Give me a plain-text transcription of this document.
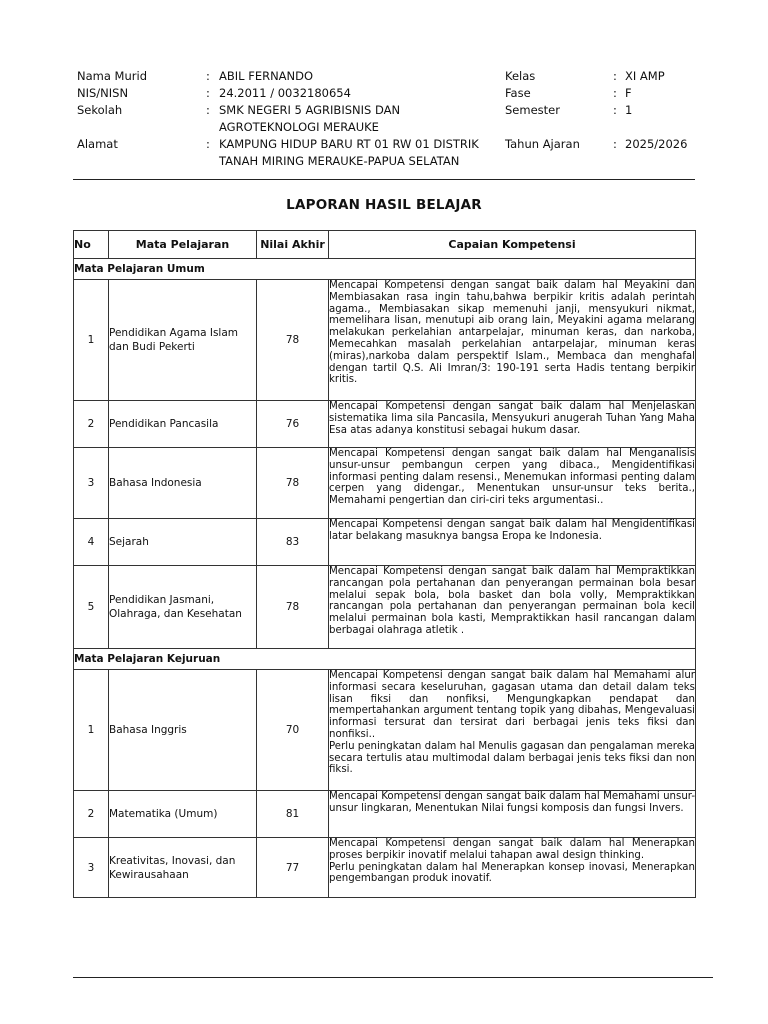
Nama Murid	: ABIL FERNANDO
NIS/NISN	: 24.2011 / 0032180654
Sekolah	: SMK NEGERI 5 AGRIBISNIS DAN
AGROTEKNOLOGI MERAUKE
Alamat	: KAMPUNG HIDUP BARU RT 01 RW 01 DISTRIK
TANAH MIRING MERAUKE-PAPUA SELATAN
Kelas	: XI AMP
Fase	: F
Semester	: 1
Tahun Ajaran	: 2025/2026
LAPORAN HASIL BELAJAR
No	Mata Pelajaran	Nilai Akhir	Capaian Kompetensi
Mata Pelajaran Umum			
1	Pendidikan Agama Islam dan Budi Pekerti	78	Mencapai Kompetensi dengan sangat baik dalam hal Meyakini dan Membiasakan rasa ingin tahu,bahwa berpikir kritis adalah perintah agama., Membiasakan sikap memenuhi janji, mensyukuri nikmat, memelihara lisan, menutupi aib orang lain, Meyakini agama melarang melakukan perkelahian antarpelajar, minuman keras, dan narkoba, Memecahkan masalah perkelahian antarpelajar, minuman keras (miras),narkoba dalam perspektif Islam., Membaca dan menghafal dengan tartil Q.S. Ali Imran/3: 190-191 serta Hadis tentang berpikir kritis.
2	Pendidikan Pancasila	76	Mencapai Kompetensi dengan sangat baik dalam hal Menjelaskan sistematika lima sila Pancasila, Mensyukuri anugerah Tuhan Yang Maha Esa atas adanya konstitusi sebagai hukum dasar.
3	Bahasa Indonesia	78	Mencapai Kompetensi dengan sangat baik dalam hal Menganalisis unsur-unsur pembangun cerpen yang dibaca., Mengidentifikasi informasi penting dalam resensi., Menemukan informasi penting dalam cerpen yang didengar., Menentukan unsur-unsur teks berita., Memahami pengertian dan ciri-ciri teks argumentasi..
4	Sejarah	83	Mencapai Kompetensi dengan sangat baik dalam hal Mengidentifikasi latar belakang masuknya bangsa Eropa ke Indonesia.
5	Pendidikan Jasmani, Olahraga, dan Kesehatan	78	Mencapai Kompetensi dengan sangat baik dalam hal Mempraktikkan rancangan pola pertahanan dan penyerangan permainan bola besar melalui sepak bola, bola basket dan bola volly, Mempraktikkan rancangan pola pertahanan dan penyerangan permainan bola kecil melalui permainan bola kasti, Mempraktikkan hasil rancangan dalam berbagai olahraga atletik .
Mata Pelajaran Kejuruan			
1	Bahasa Inggris	70	Mencapai Kompetensi dengan sangat baik dalam hal Memahami alur informasi secara keseluruhan, gagasan utama dan detail dalam teks lisan fiksi dan nonfiksi, Mengungkapkan pendapat dan mempertahankan argument tentang topik yang dibahas, Mengevaluasi informasi tersurat dan tersirat dari berbagai jenis teks fiksi dan nonfiksi..
Perlu peningkatan dalam hal Menulis gagasan dan pengalaman mereka secara tertulis atau multimodal dalam berbagai jenis teks fiksi dan non fiksi.
2	Matematika (Umum)	81	Mencapai Kompetensi dengan sangat baik dalam hal Memahami unsur-unsur lingkaran, Menentukan Nilai fungsi komposis dan fungsi Invers.
3	Kreativitas, Inovasi, dan Kewirausahaan	77	Mencapai Kompetensi dengan sangat baik dalam hal Menerapkan proses berpikir inovatif melalui tahapan awal design thinking.
Perlu peningkatan dalam hal Menerapkan konsep inovasi, Menerapkan pengembangan produk inovatif.
